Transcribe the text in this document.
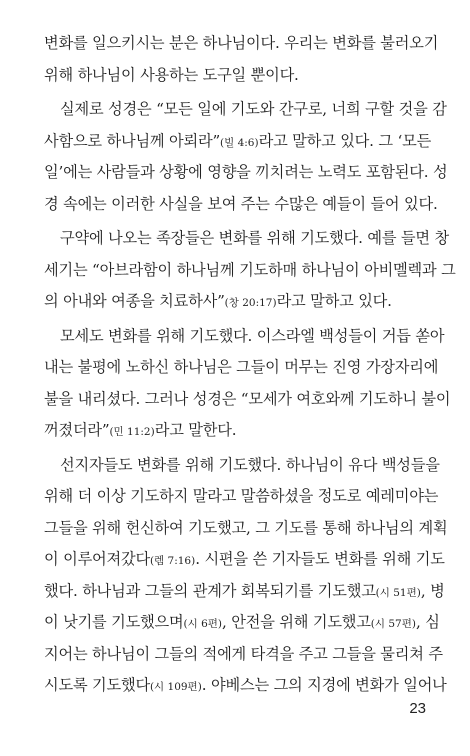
변화를 일으키시는 분은 하나님이다. 우리는 변화를 불러오기
위해 하나님이 사용하는 도구일 뿐이다.
실제로 성경은 “모든 일에 기도와 간구로, 너희 구할 것을 감
사함으로 하나님께 아뢰라”(빌 4:6)라고 말하고 있다. 그 ‘모든
일’에는 사람들과 상황에 영향을 끼치려는 노력도 포함된다. 성
경 속에는 이러한 사실을 보여 주는 수많은 예들이 들어 있다.
구약에 나오는 족장들은 변화를 위해 기도했다. 예를 들면 창
세기는 “아브라함이 하나님께 기도하매 하나님이 아비멜렉과 그
의 아내와 여종을 치료하사”(창 20:17)라고 말하고 있다.
모세도 변화를 위해 기도했다. 이스라엘 백성들이 거듭 쏟아
내는 불평에 노하신 하나님은 그들이 머무는 진영 가장자리에
불을 내리셨다. 그러나 성경은 “모세가 여호와께 기도하니 불이
꺼졌더라”(민 11:2)라고 말한다.
선지자들도 변화를 위해 기도했다. 하나님이 유다 백성들을
위해 더 이상 기도하지 말라고 말씀하셨을 정도로 예레미야는
그들을 위해 헌신하여 기도했고, 그 기도를 통해 하나님의 계획
이 이루어져갔다(렘 7:16). 시편을 쓴 기자들도 변화를 위해 기도
했다. 하나님과 그들의 관계가 회복되기를 기도했고(시 51편), 병
이 낫기를 기도했으며(시 6편), 안전을 위해 기도했고(시 57편), 심
지어는 하나님이 그들의 적에게 타격을 주고 그들을 물리쳐 주
시도록 기도했다(시 109편). 야베스는 그의 지경에 변화가 일어나
23
